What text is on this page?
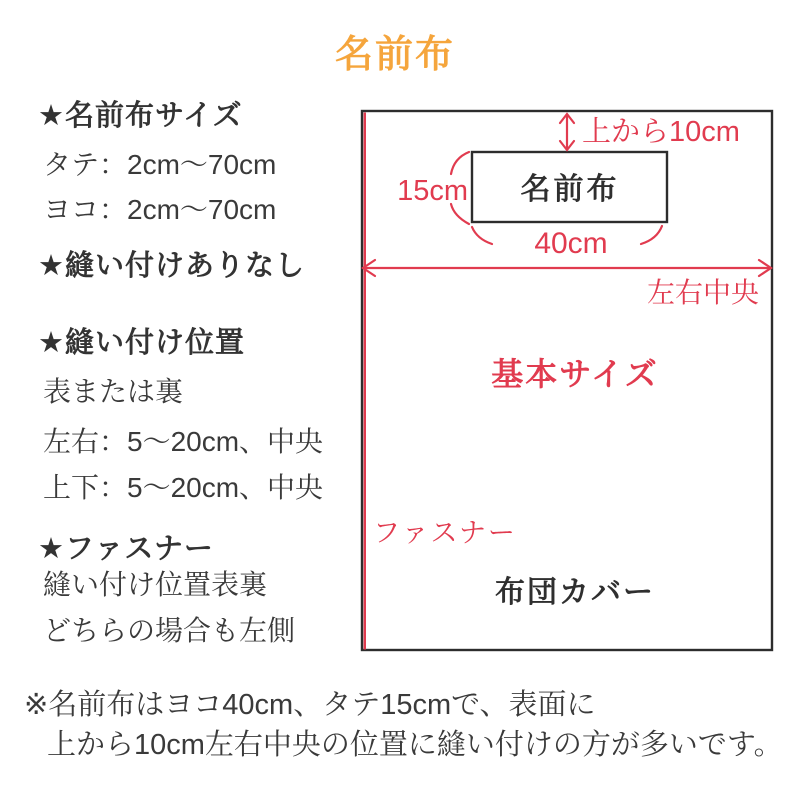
名前布
★名前布サイズ
タテ：2cm〜70cm
ヨコ：2cm〜70cm
★縫い付けありなし
★縫い付け位置
表または裏
左右：5〜20cm、中央
上下：5〜20cm、中央
★ファスナー
縫い付け位置表裏
どちらの場合も左側
名前布
上から10cm
15cm
40cm
左右中央
基本サイズ
ファスナー
布団カバー
※名前布はヨコ40cm、タテ15cmで、表面に
上から10cm左右中央の位置に縫い付けの方が多いです。
